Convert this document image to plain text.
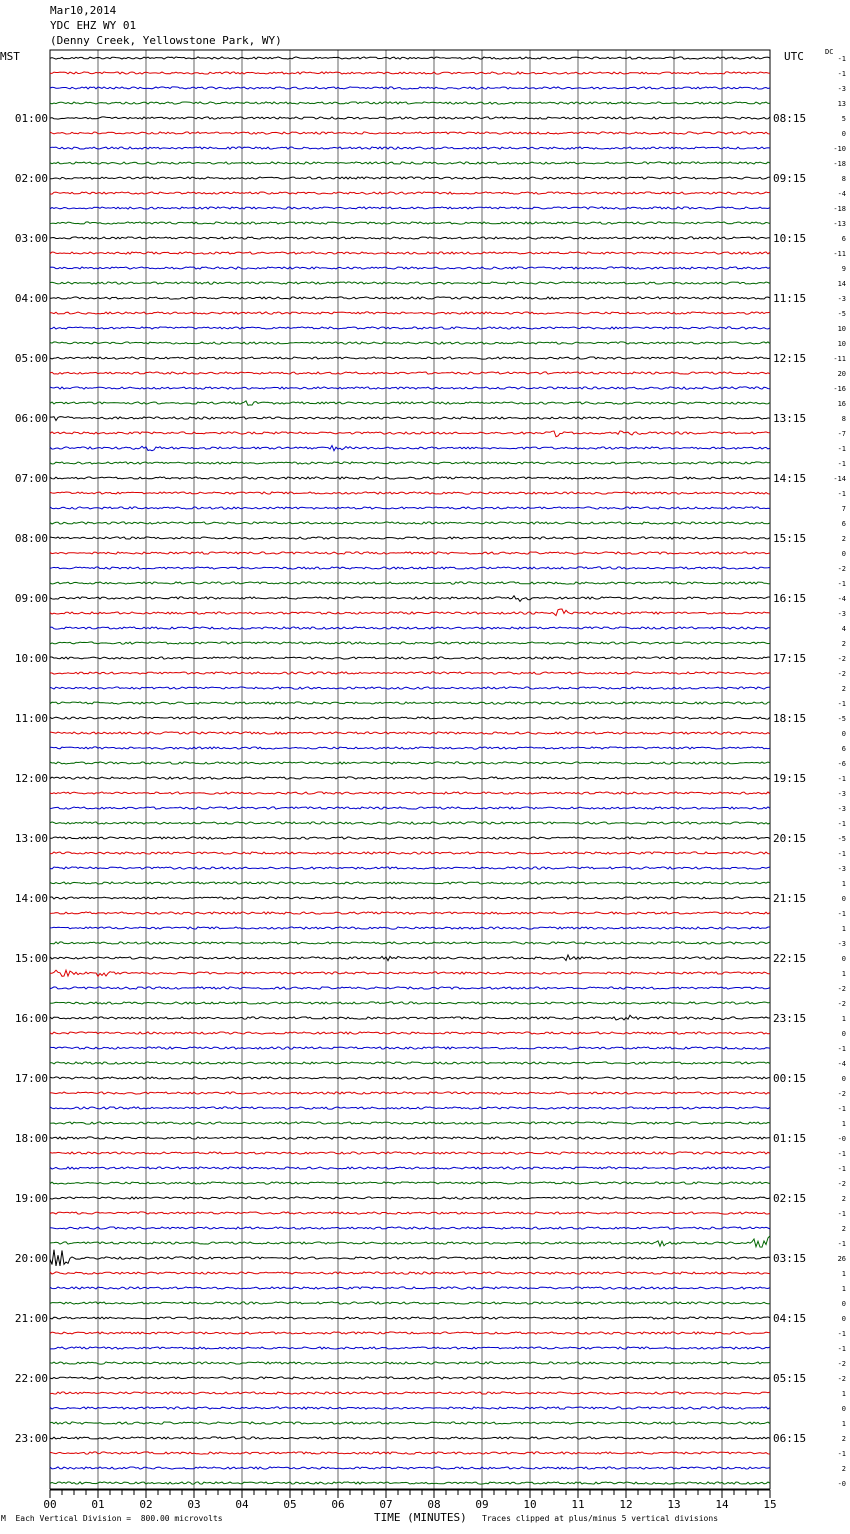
Mar10,2014
YDC EHZ WY 01
(Denny Creek, Yellowstone Park, WY)
MST	UTC	DC
-1
-1
-3
13
5
0
-10
-18
8
-4
-18
-13
6
-11
9
14
-3
-5
10
10
-11
20
-16
16
8
-7
-1
-1
-14
-1
7
6
2
0
-2
-1
-4
-3
4
2
-2
-2
2
-1
-5
0
6
-6
-1
-3
-3
-1
-5
-1
-3
1
0
-1
1
-3
0
1
-2
-2
1
0
-1
-4
0
-2
-1
1
-0
-1
-1
-2
2
-1
2
-1
26
1
1
0
0
-1
-1
-2
-2
1
0
1
2
-1
2
-0
01:00	08:15
02:00	09:15
03:00	10:15
04:00	11:15
05:00	12:15
06:00	13:15
07:00	14:15
08:00	15:15
09:00	16:15
10:00	17:15
11:00	18:15
12:00	19:15
13:00	20:15
14:00	21:15
15:00	22:15
16:00	23:15
17:00	00:15
18:00	01:15
19:00	02:15
20:00	03:15
21:00	04:15
22:00	05:15
23:00	06:15
00	01	02	03	04	05	06	07	08	09	10	11	12	13	14	15
M Each Vertical Division =  800.00 microvolts	TIME (MINUTES) Traces clipped at plus/minus 5 vertical divisions
